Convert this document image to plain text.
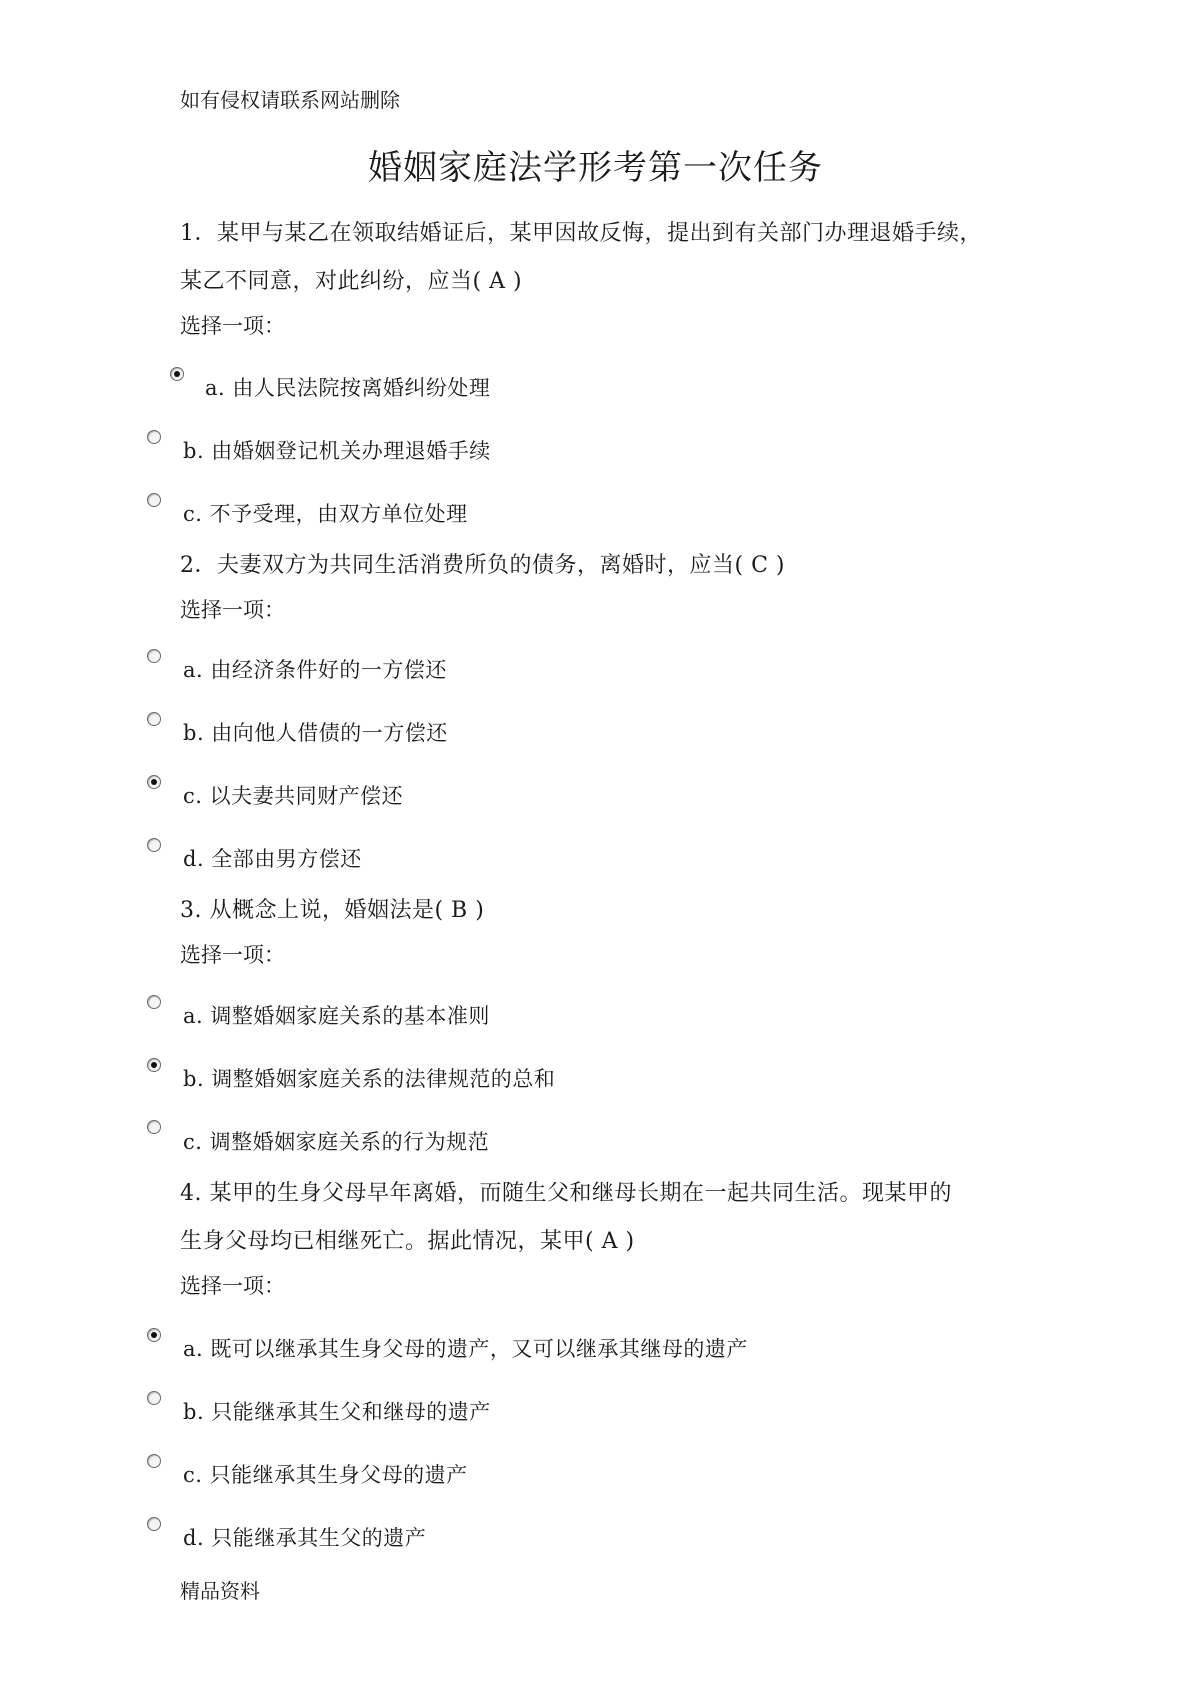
如有侵权请联系网站删除
婚姻家庭法学形考第一次任务
1．某甲与某乙在领取结婚证后，某甲因故反悔，提出到有关部门办理退婚手续，
某乙不同意，对此纠纷，应当( A )
选择一项：
a. 由人民法院按离婚纠纷处理
b. 由婚姻登记机关办理退婚手续
c. 不予受理，由双方单位处理
2．夫妻双方为共同生活消费所负的债务，离婚时，应当( C )
选择一项：
a. 由经济条件好的一方偿还
b. 由向他人借债的一方偿还
c. 以夫妻共同财产偿还
d. 全部由男方偿还
3. 从概念上说，婚姻法是( B )
选择一项：
a. 调整婚姻家庭关系的基本准则
b. 调整婚姻家庭关系的法律规范的总和
c. 调整婚姻家庭关系的行为规范
4. 某甲的生身父母早年离婚，而随生父和继母长期在一起共同生活。现某甲的
生身父母均已相继死亡。据此情况，某甲( A )
选择一项：
a. 既可以继承其生身父母的遗产，又可以继承其继母的遗产
b. 只能继承其生父和继母的遗产
c. 只能继承其生身父母的遗产
d. 只能继承其生父的遗产
精品资料
